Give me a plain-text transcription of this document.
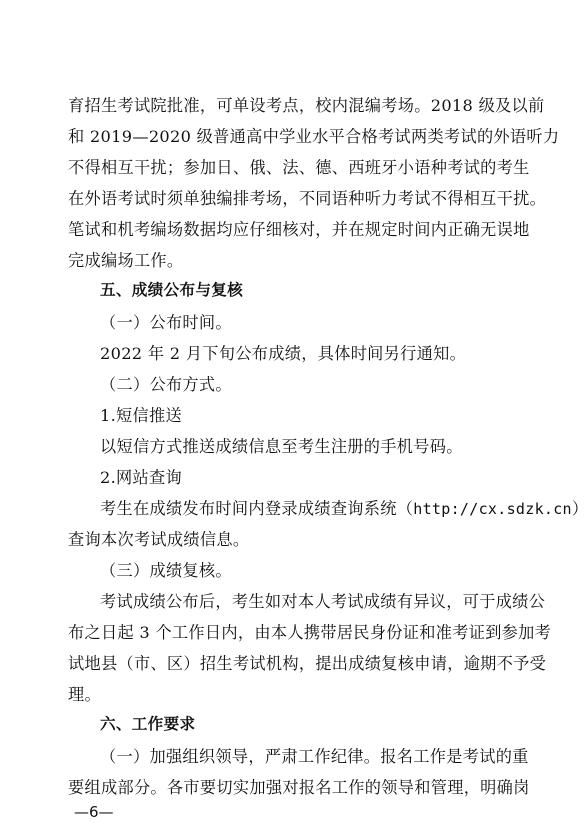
育招生考试院批准，可单设考点，校内混编考场。2018 级及以前
和 2019—2020 级普通高中学业水平合格考试两类考试的外语听力
不得相互干扰；参加日、俄、法、德、西班牙小语种考试的考生
在外语考试时须单独编排考场，不同语种听力考试不得相互干扰。
笔试和机考编场数据均应仔细核对，并在规定时间内正确无误地
完成编场工作。
五、成绩公布与复核
（一）公布时间。
2022 年 2 月下旬公布成绩，具体时间另行通知。
（二）公布方式。
1.短信推送
以短信方式推送成绩信息至考生注册的手机号码。
2.网站查询
考生在成绩发布时间内登录成绩查询系统（http://cx.sdzk.cn）
查询本次考试成绩信息。
（三）成绩复核。
考试成绩公布后，考生如对本人考试成绩有异议，可于成绩公
布之日起 3 个工作日内，由本人携带居民身份证和准考证到参加考
试地县（市、区）招生考试机构，提出成绩复核申请，逾期不予受
理。
六、工作要求
（一）加强组织领导，严肃工作纪律。报名工作是考试的重
要组成部分。各市要切实加强对报名工作的领导和管理，明确岗
—6—
